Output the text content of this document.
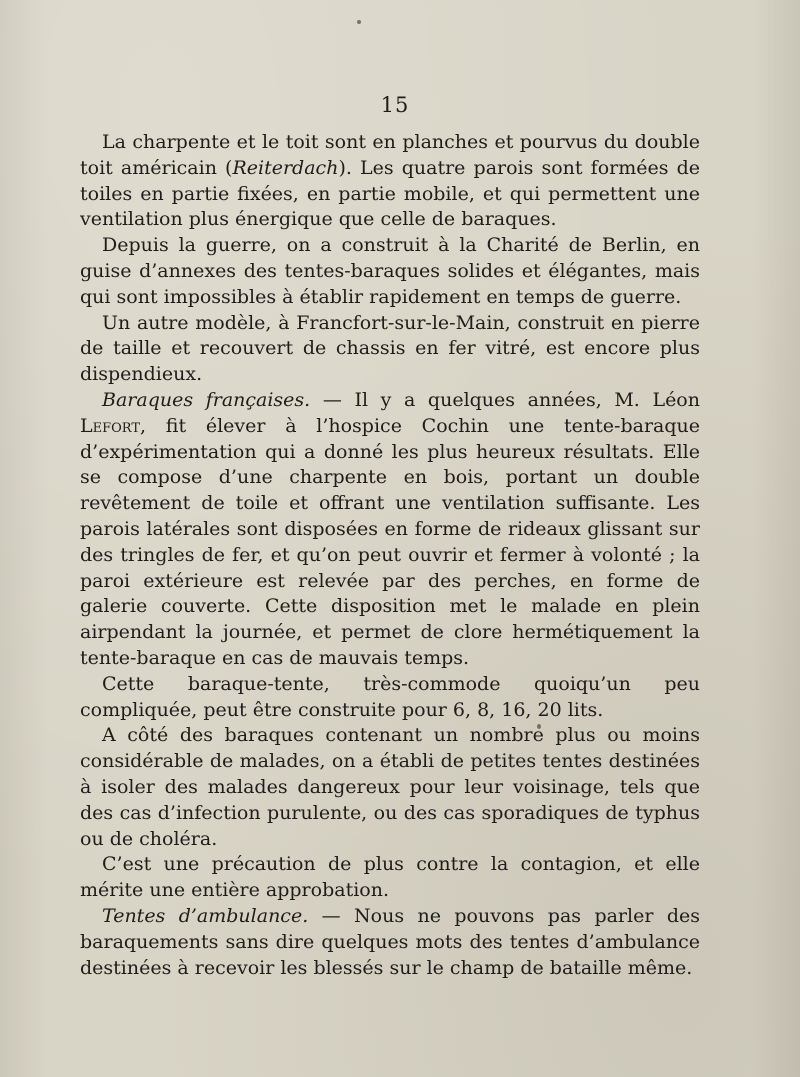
15

La charpente et le toit sont en planches et pourvus du double toit américain (Reiterdach). Les quatre parois sont formées de toiles en partie fixées, en partie mobile, et qui permettent une ventilation plus énergique que celle de baraques.

Depuis la guerre, on a construit à la Charité de Berlin, en guise d’annexes des tentes-baraques solides et élégantes, mais qui sont impossibles à établir rapidement en temps de guerre.

Un autre modèle, à Francfort-sur-le-Main, construit en pierre de taille et recouvert de chassis en fer vitré, est encore plus dispendieux.

Baraques françaises. — Il y a quelques années, M. Léon Lefort, fit élever à l’hospice Cochin une tente-baraque d’expérimentation qui a donné les plus heureux résultats. Elle se compose d’une charpente en bois, portant un double revêtement de toile et offrant une ventilation suffisante. Les parois latérales sont disposées en forme de rideaux glissant sur des tringles de fer, et qu’on peut ouvrir et fermer à volonté ; la paroi extérieure est relevée par des perches, en forme de galerie couverte. Cette disposition met le malade en plein airpendant la journée, et permet de clore hermétiquement la tente-baraque en cas de mauvais temps.

Cette baraque-tente, très-commode quoiqu’un peu compliquée, peut être construite pour 6, 8, 16, 20 lits.

A côté des baraques contenant un nombre plus ou moins considérable de malades, on a établi de petites tentes destinées à isoler des malades dangereux pour leur voisinage, tels que des cas d’infection purulente, ou des cas sporadiques de typhus ou de choléra.

C’est une précaution de plus contre la contagion, et elle mérite une entière approbation.

Tentes d’ambulance. — Nous ne pouvons pas parler des baraquements sans dire quelques mots des tentes d’ambulance destinées à recevoir les blessés sur le champ de bataille même.
